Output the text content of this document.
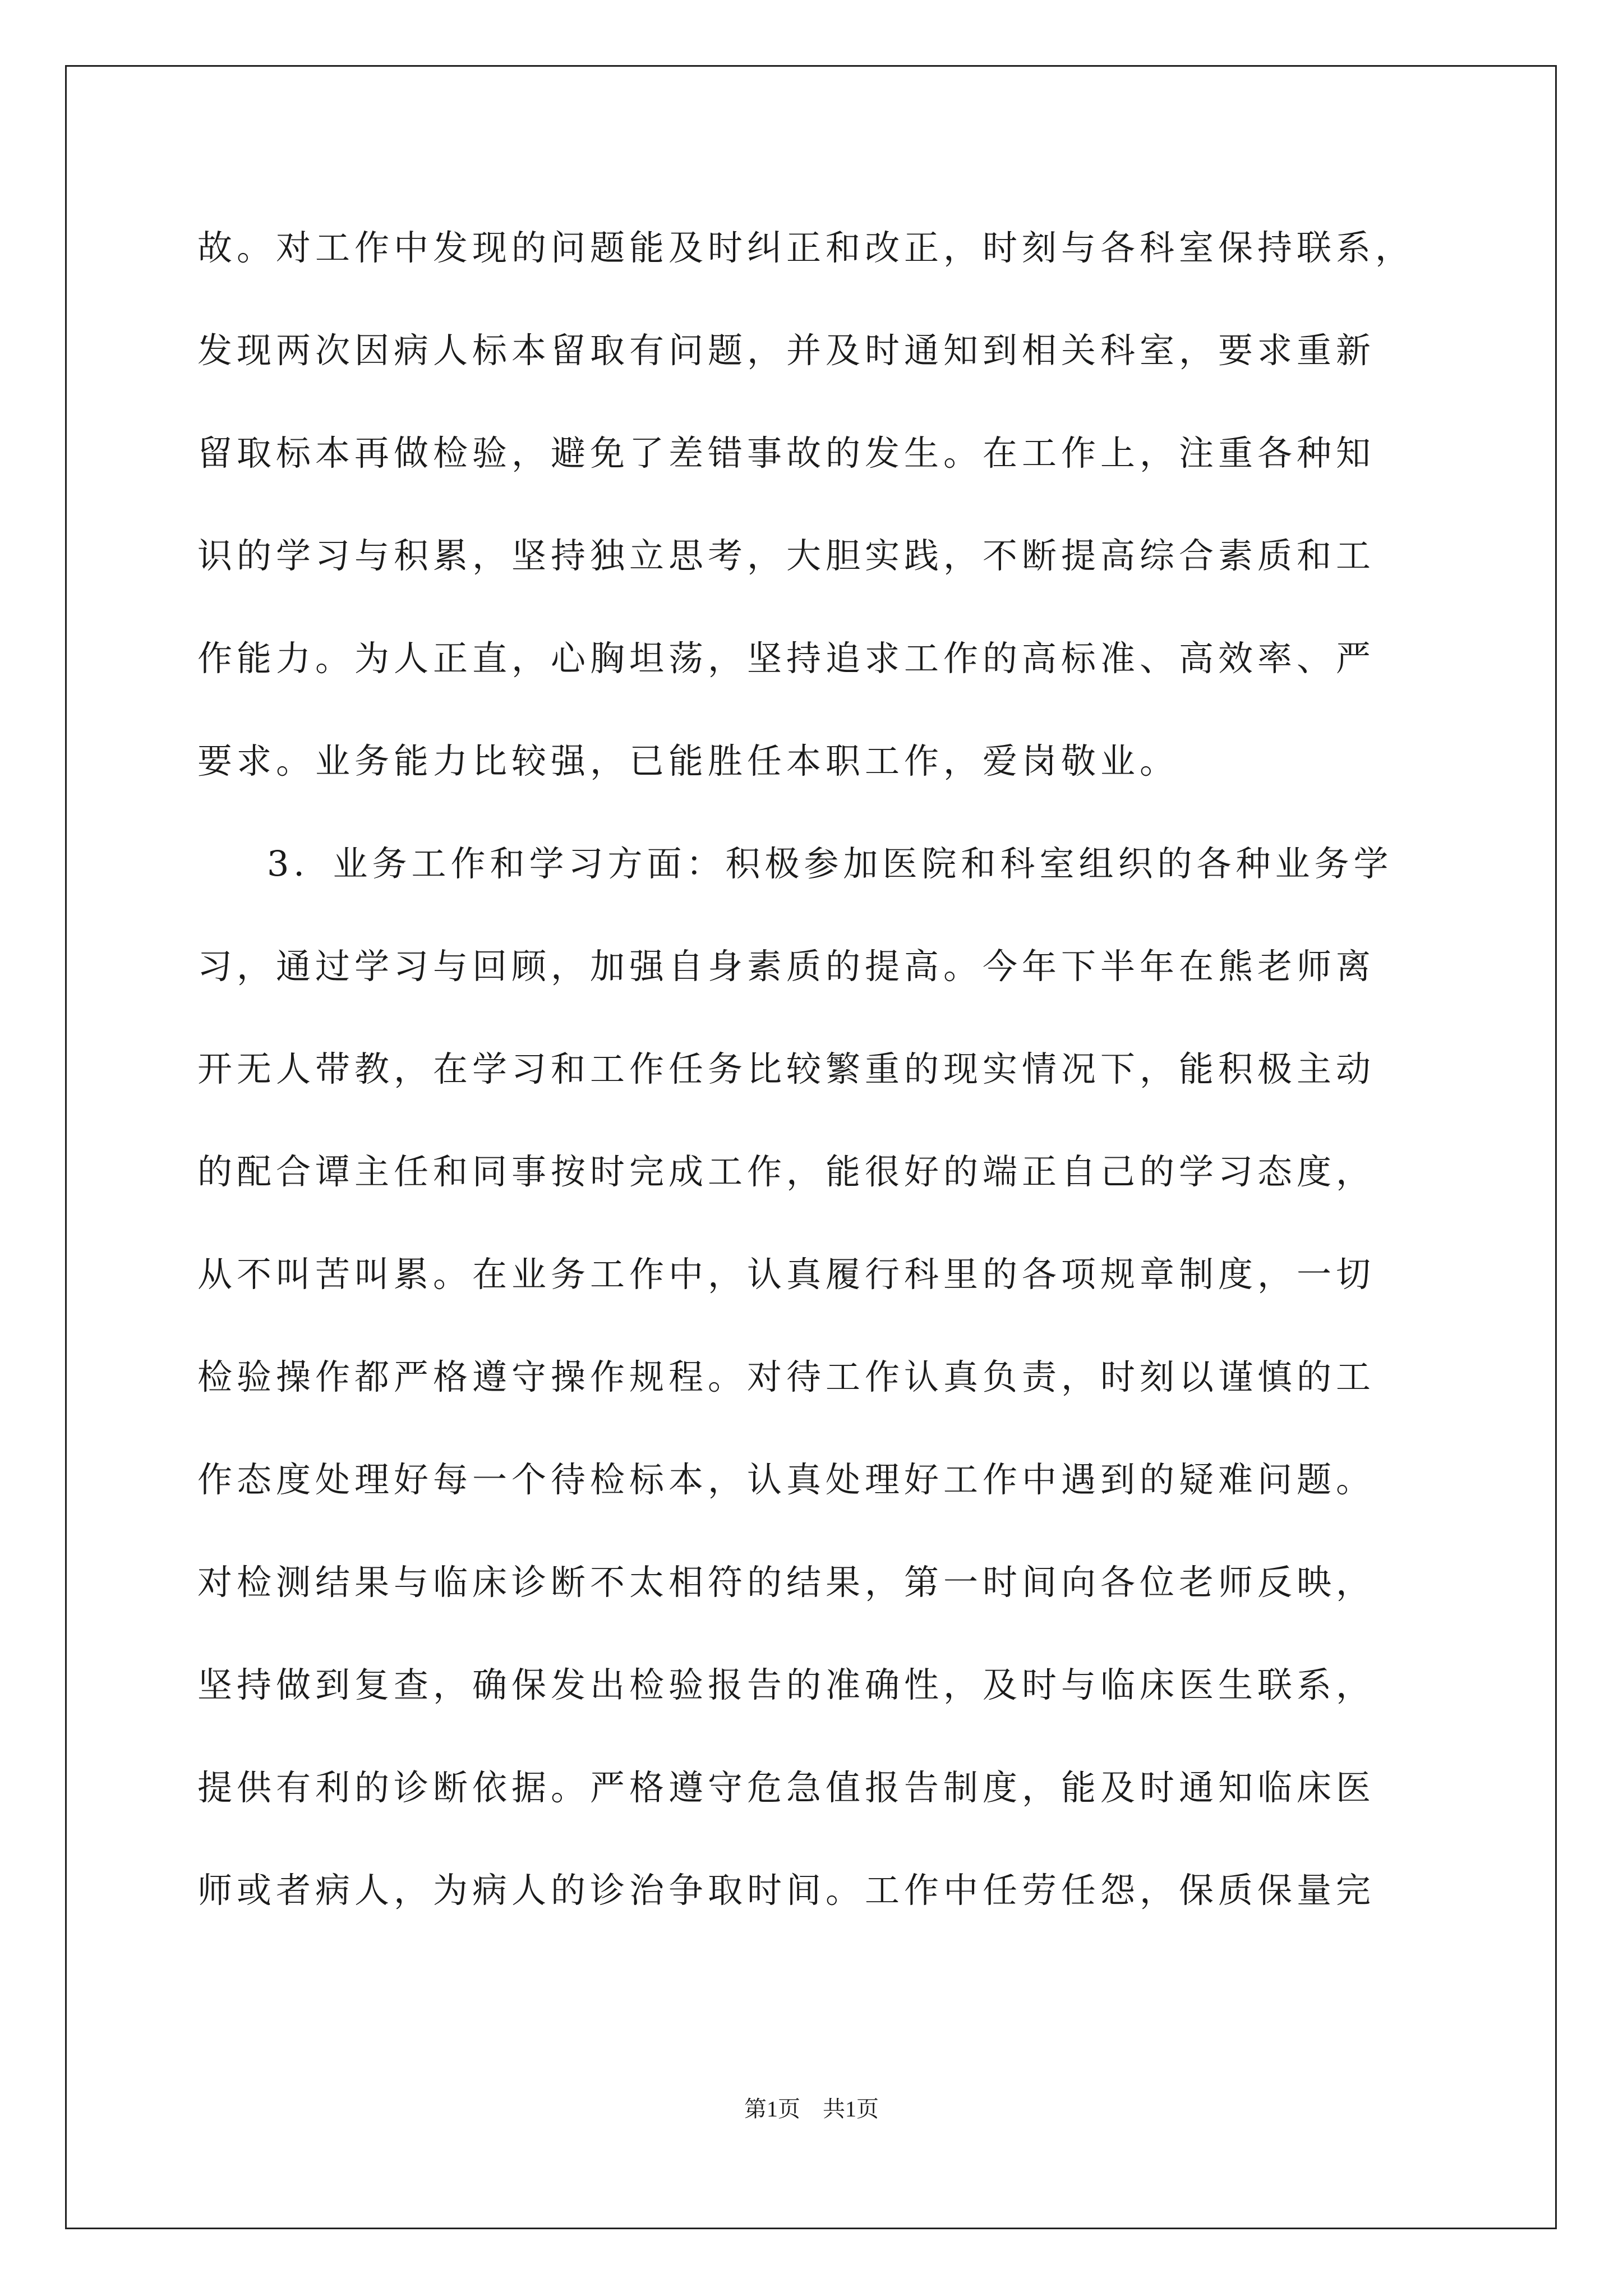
故。对工作中发现的问题能及时纠正和改正，时刻与各科室保持联系，
发现两次因病人标本留取有问题，并及时通知到相关科室，要求重新
留取标本再做检验，避免了差错事故的发生。在工作上，注重各种知
识的学习与积累，坚持独立思考，大胆实践，不断提高综合素质和工
作能力。为人正直，心胸坦荡，坚持追求工作的高标准、高效率、严
要求。业务能力比较强，已能胜任本职工作，爱岗敬业。
3．业务工作和学习方面：积极参加医院和科室组织的各种业务学
习，通过学习与回顾，加强自身素质的提高。今年下半年在熊老师离
开无人带教，在学习和工作任务比较繁重的现实情况下，能积极主动
的配合谭主任和同事按时完成工作，能很好的端正自己的学习态度，
从不叫苦叫累。在业务工作中，认真履行科里的各项规章制度，一切
检验操作都严格遵守操作规程。对待工作认真负责，时刻以谨慎的工
作态度处理好每一个待检标本，认真处理好工作中遇到的疑难问题。
对检测结果与临床诊断不太相符的结果，第一时间向各位老师反映，
坚持做到复查，确保发出检验报告的准确性，及时与临床医生联系，
提供有利的诊断依据。严格遵守危急值报告制度，能及时通知临床医
师或者病人，为病人的诊治争取时间。工作中任劳任怨，保质保量完
第1页 共1页
